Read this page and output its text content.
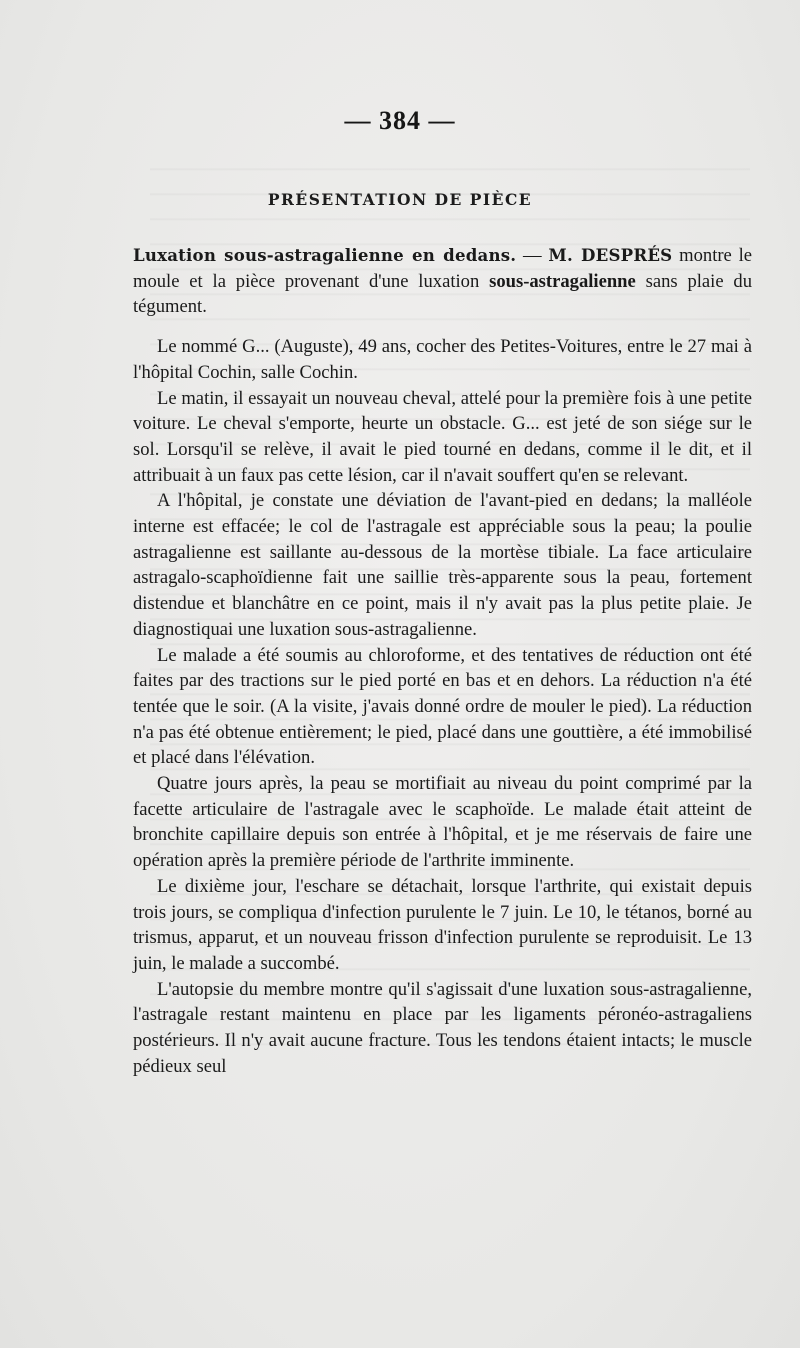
— 384 —
PRÉSENTATION DE PIÈCE

Luxation sous-astragalienne en dedans. — M. DESPRÉS montre le moule et la pièce provenant d'une luxation sous-astragalienne sans plaie du tégument.

Le nommé G... (Auguste), 49 ans, cocher des Petites-Voitures, entre le 27 mai à l'hôpital Cochin, salle Cochin.

Le matin, il essayait un nouveau cheval, attelé pour la première fois à une petite voiture. Le cheval s'emporte, heurte un obstacle. G... est jeté de son siége sur le sol. Lorsqu'il se relève, il avait le pied tourné en dedans, comme il le dit, et il attribuait à un faux pas cette lésion, car il n'avait souffert qu'en se relevant.

A l'hôpital, je constate une déviation de l'avant-pied en dedans; la malléole interne est effacée; le col de l'astragale est appréciable sous la peau; la poulie astragalienne est saillante au-dessous de la mortèse tibiale. La face articulaire astragalo-scaphoïdienne fait une saillie très-apparente sous la peau, fortement distendue et blanchâtre en ce point, mais il n'y avait pas la plus petite plaie. Je diagnostiquai une luxation sous-astragalienne.

Le malade a été soumis au chloroforme, et des tentatives de réduction ont été faites par des tractions sur le pied porté en bas et en dehors. La réduction n'a été tentée que le soir. (A la visite, j'avais donné ordre de mouler le pied). La réduction n'a pas été obtenue entièrement; le pied, placé dans une gouttière, a été immobilisé et placé dans l'élévation.

Quatre jours après, la peau se mortifiait au niveau du point comprimé par la facette articulaire de l'astragale avec le scaphoïde. Le malade était atteint de bronchite capillaire depuis son entrée à l'hôpital, et je me réservais de faire une opération après la première période de l'arthrite imminente.

Le dixième jour, l'eschare se détachait, lorsque l'arthrite, qui existait depuis trois jours, se compliqua d'infection purulente le 7 juin. Le 10, le tétanos, borné au trismus, apparut, et un nouveau frisson d'infection purulente se reproduisit. Le 13 juin, le malade a succombé.

L'autopsie du membre montre qu'il s'agissait d'une luxation sous-astragalienne, l'astragale restant maintenu en place par les ligaments péronéo-astragaliens postérieurs. Il n'y avait aucune fracture. Tous les tendons étaient intacts; le muscle pédieux seul
